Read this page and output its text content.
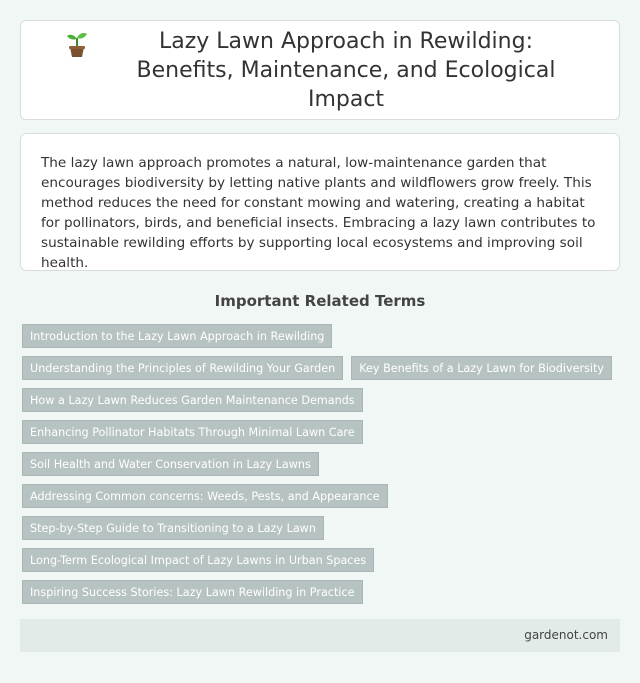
Lazy Lawn Approach in Rewilding: Benefits, Maintenance, and Ecological Impact

The lazy lawn approach promotes a natural, low-maintenance garden that encourages biodiversity by letting native plants and wildflowers grow freely. This method reduces the need for constant mowing and watering, creating a habitat for pollinators, birds, and beneficial insects. Embracing a lazy lawn contributes to sustainable rewilding efforts by supporting local ecosystems and improving soil health.

Important Related Terms
Introduction to the Lazy Lawn Approach in Rewilding
Understanding the Principles of Rewilding Your Garden	Key Benefits of a Lazy Lawn for Biodiversity
How a Lazy Lawn Reduces Garden Maintenance Demands
Enhancing Pollinator Habitats Through Minimal Lawn Care
Soil Health and Water Conservation in Lazy Lawns
Addressing Common concerns: Weeds, Pests, and Appearance
Step-by-Step Guide to Transitioning to a Lazy Lawn
Long-Term Ecological Impact of Lazy Lawns in Urban Spaces
Inspiring Success Stories: Lazy Lawn Rewilding in Practice
gardenot.com
